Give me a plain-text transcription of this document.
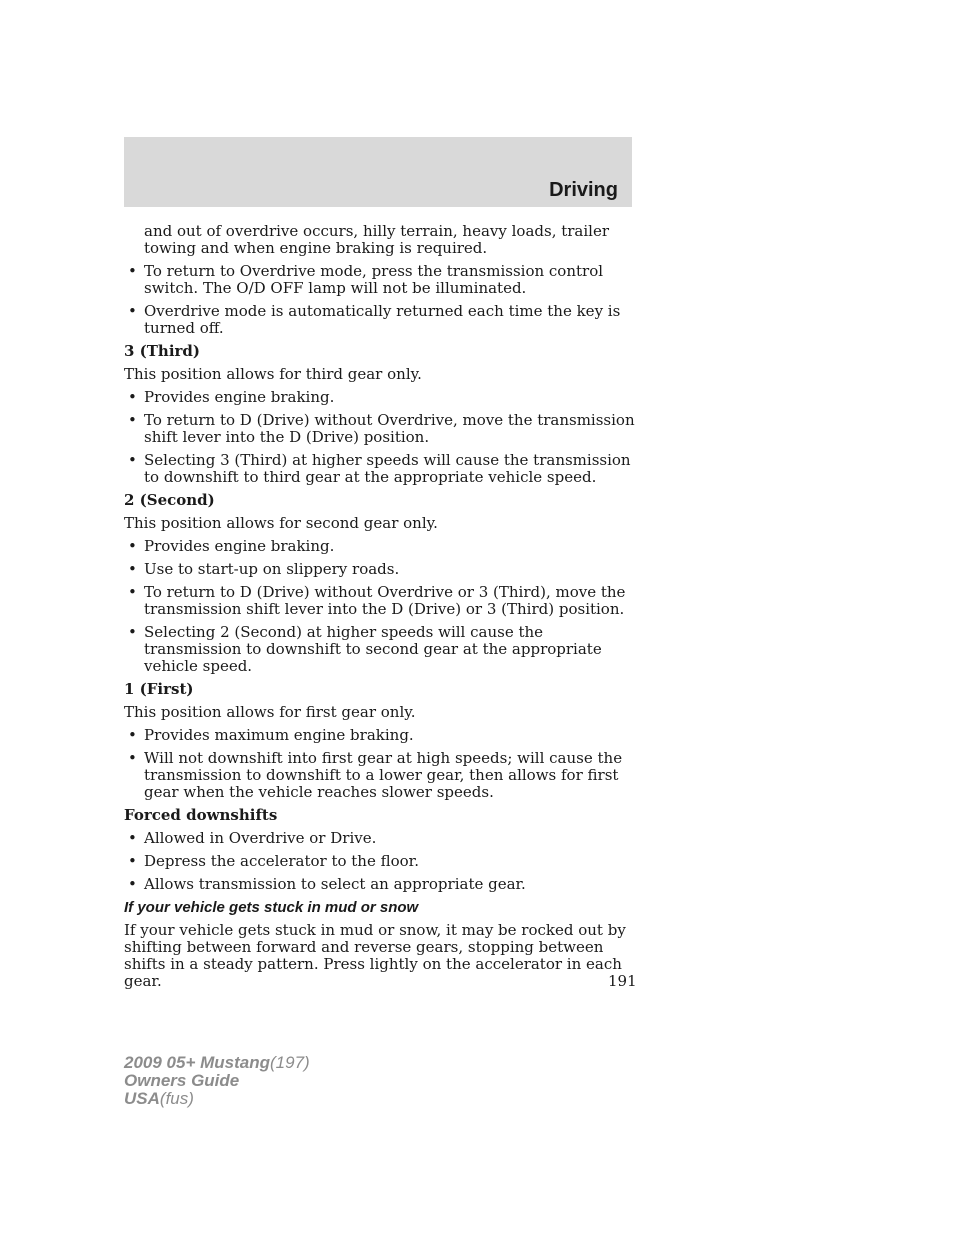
Driving

and out of overdrive occurs, hilly terrain, heavy loads, trailer towing and when engine braking is required.

• To return to Overdrive mode, press the transmission control switch. The O/D OFF lamp will not be illuminated.
• Overdrive mode is automatically returned each time the key is turned off.
3 (Third)

This position allows for third gear only.

• Provides engine braking.
• To return to D (Drive) without Overdrive, move the transmission shift lever into the D (Drive) position.
• Selecting 3 (Third) at higher speeds will cause the transmission to downshift to third gear at the appropriate vehicle speed.
2 (Second)

This position allows for second gear only.

• Provides engine braking.
• Use to start-up on slippery roads.
• To return to D (Drive) without Overdrive or 3 (Third), move the transmission shift lever into the D (Drive) or 3 (Third) position.
• Selecting 2 (Second) at higher speeds will cause the transmission to downshift to second gear at the appropriate vehicle speed.
1 (First)

This position allows for first gear only.

• Provides maximum engine braking.
• Will not downshift into first gear at high speeds; will cause the transmission to downshift to a lower gear, then allows for first gear when the vehicle reaches slower speeds.
Forced downshifts
• Allowed in Overdrive or Drive.
• Depress the accelerator to the floor.
• Allows transmission to select an appropriate gear.
If your vehicle gets stuck in mud or snow

If your vehicle gets stuck in mud or snow, it may be rocked out by shifting between forward and reverse gears, stopping between shifts in a steady pattern. Press lightly on the accelerator in each gear.	191
2009 05+ Mustang(197)
Owners Guide
USA(fus)
